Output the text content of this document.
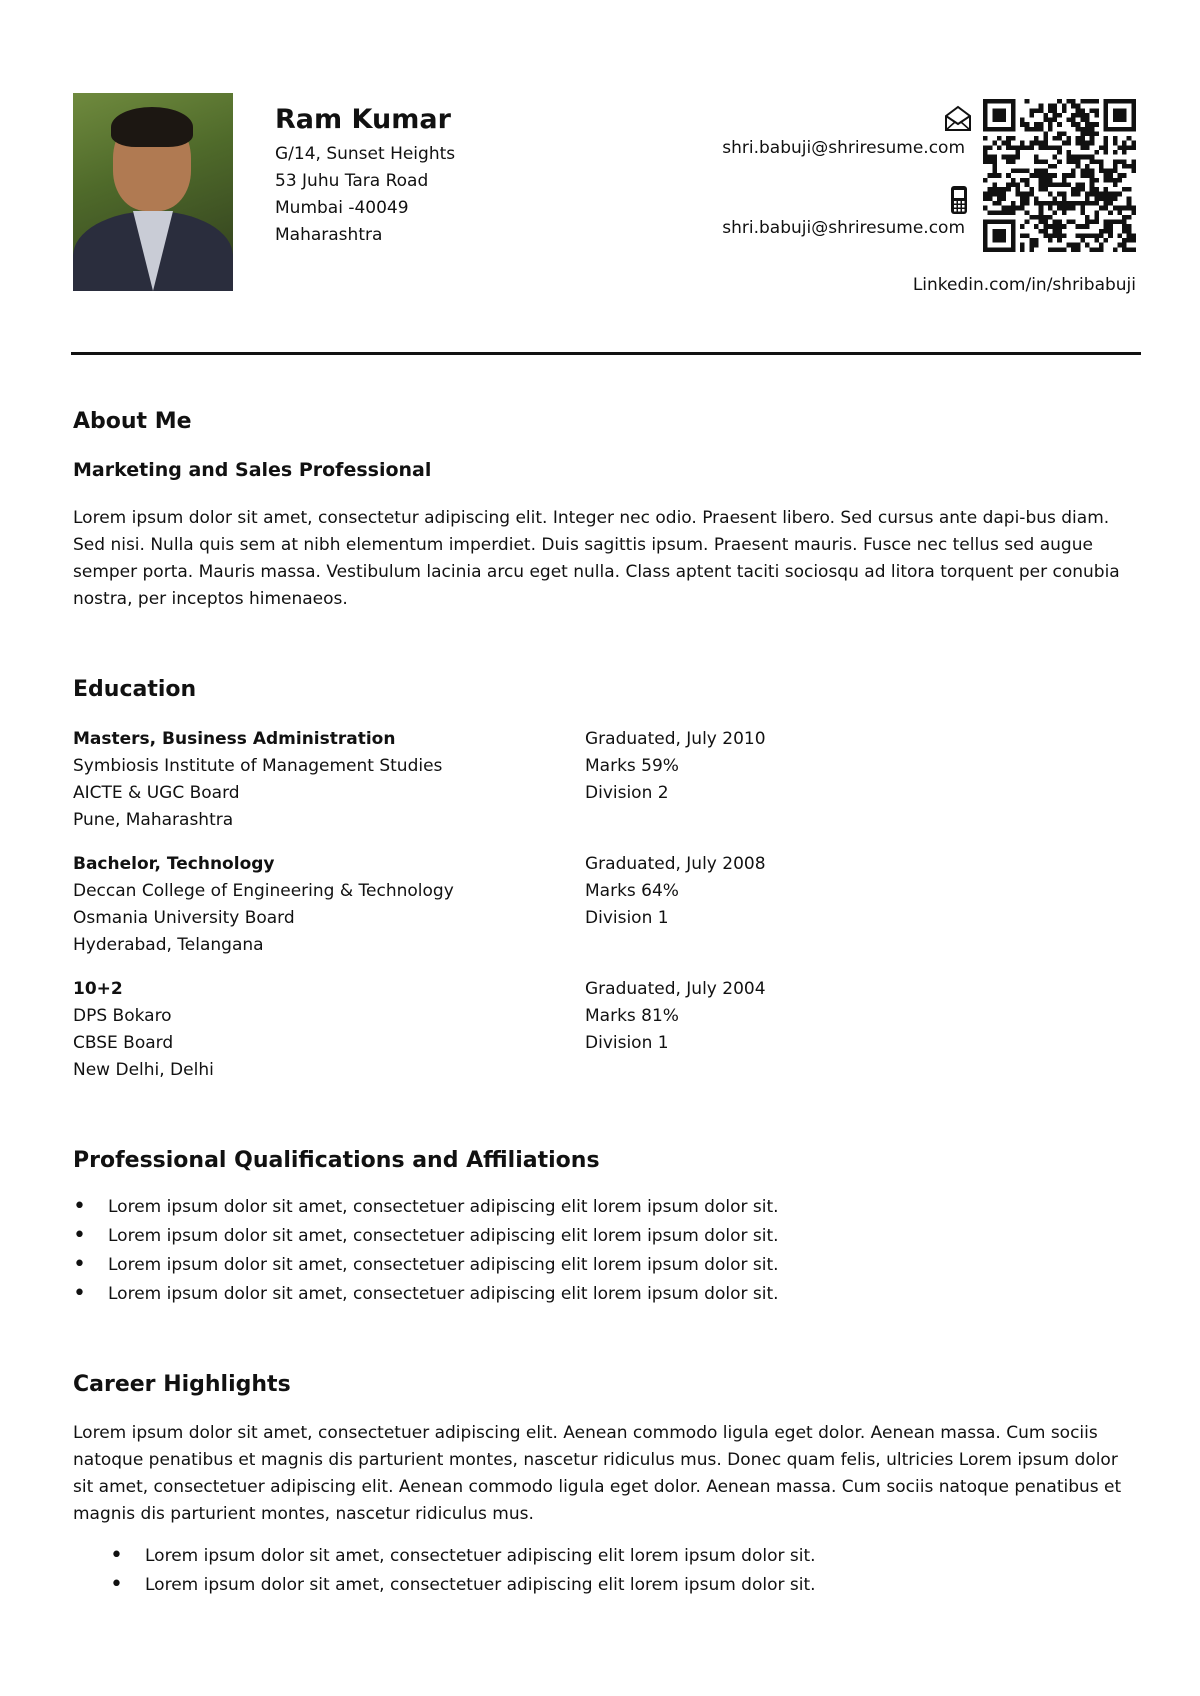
Ram Kumar
G/14, Sunset Heights
53 Juhu Tara Road
Mumbai -40049
Maharashtra
shri.babuji@shriresume.com
shri.babuji@shriresume.com
Linkedin.com/in/shribabuji
About Me
Marketing and Sales Professional
Lorem ipsum dolor sit amet, consectetur adipiscing elit. Integer nec odio. Praesent libero. Sed cursus ante dapi-bus diam. Sed nisi. Nulla quis sem at nibh elementum imperdiet. Duis sagittis ipsum. Praesent mauris. Fusce nec tellus sed augue semper porta. Mauris massa. Vestibulum lacinia arcu eget nulla. Class aptent taciti sociosqu ad litora torquent per conubia nostra, per inceptos himenaeos.
Education
Masters, Business Administration
Symbiosis Institute of Management Studies
AICTE & UGC Board
Pune, Maharashtra
Graduated, July 2010
Marks 59%
Division 2
Bachelor, Technology
Deccan College of Engineering & Technology
Osmania University Board
Hyderabad, Telangana
Graduated, July 2008
Marks 64%
Division 1
10+2
DPS Bokaro
CBSE Board
New Delhi, Delhi
Graduated, July 2004
Marks 81%
Division 1
Professional Qualifications and Affiliations
• Lorem ipsum dolor sit amet, consectetuer adipiscing elit lorem ipsum dolor sit.
• Lorem ipsum dolor sit amet, consectetuer adipiscing elit lorem ipsum dolor sit.
• Lorem ipsum dolor sit amet, consectetuer adipiscing elit lorem ipsum dolor sit.
• Lorem ipsum dolor sit amet, consectetuer adipiscing elit lorem ipsum dolor sit.
Career Highlights
Lorem ipsum dolor sit amet, consectetuer adipiscing elit. Aenean commodo ligula eget dolor. Aenean massa. Cum sociis natoque penatibus et magnis dis parturient montes, nascetur ridiculus mus. Donec quam felis, ultricies Lorem ipsum dolor sit amet, consectetuer adipiscing elit. Aenean commodo ligula eget dolor. Aenean massa. Cum sociis natoque penatibus et magnis dis parturient montes, nascetur ridiculus mus.
• Lorem ipsum dolor sit amet, consectetuer adipiscing elit lorem ipsum dolor sit.
• Lorem ipsum dolor sit amet, consectetuer adipiscing elit lorem ipsum dolor sit.
